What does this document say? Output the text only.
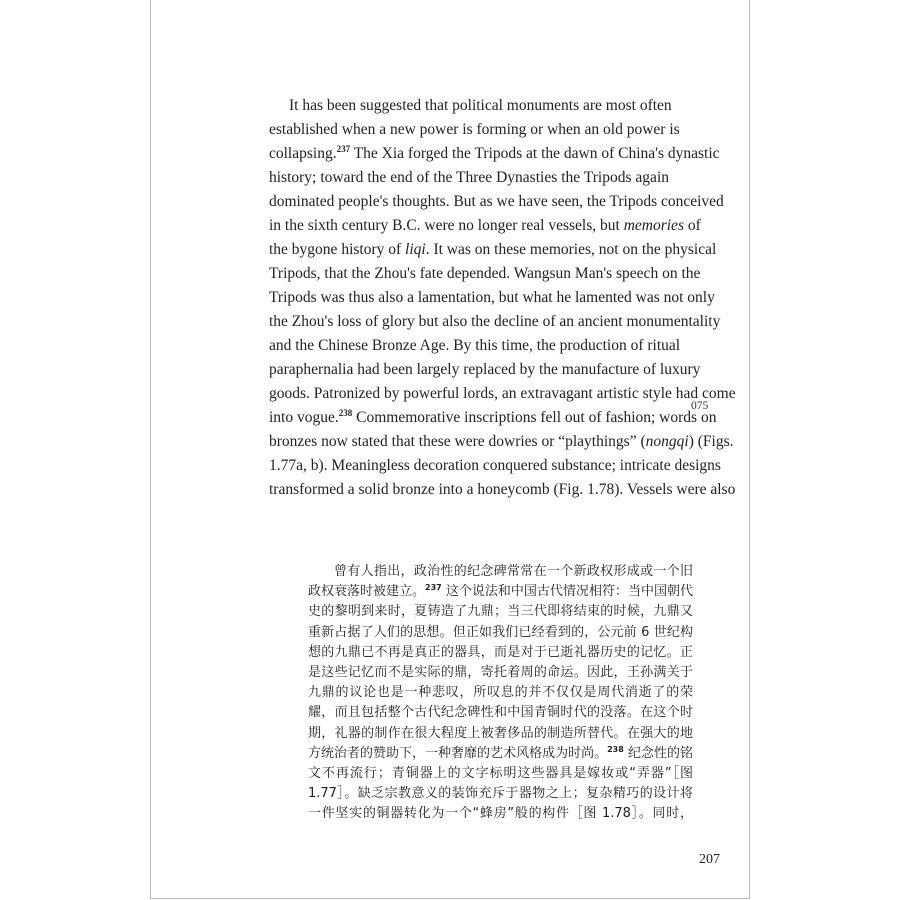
It has been suggested that political monuments are most often
established when a new power is forming or when an old power is
collapsing.$^{237}$ The Xia forged the Tripods at the dawn of China's dynastic
history; toward the end of the Three Dynasties the Tripods again
dominated people's thoughts. But as we have seen, the Tripods conceived
in the sixth century B.C. were no longer real vessels, but memories of
the bygone history of liqi. It was on these memories, not on the physical
Tripods, that the Zhou's fate depended. Wangsun Man's speech on the
Tripods was thus also a lamentation, but what he lamented was not only
the Zhou's loss of glory but also the decline of an ancient monumentality
and the Chinese Bronze Age. By this time, the production of ritual
paraphernalia had been largely replaced by the manufacture of luxury
goods. Patronized by powerful lords, an extravagant artistic style had come
into vogue.$^{238}$ Commemorative inscriptions fell out of fashion; words on
bronzes now stated that these were dowries or “playthings” (nongqi) (Figs.
1.77a, b). Meaningless decoration conquered substance; intricate designs
transformed a solid bronze into a honeycomb (Fig. 1.78). Vessels were also
075
曾有人指出，政治性的纪念碑常常在一个新政权形成或一个旧
政权衰落时被建立。$^{237}$ 这个说法和中国古代情况相符：当中国朝代
史的黎明到来时，夏铸造了九鼎；当三代即将结束的时候，九鼎又
重新占据了人们的思想。但正如我们已经看到的，公元前 6 世纪构
想的九鼎已不再是真正的器具，而是对于已逝礼器历史的记忆。正
是这些记忆而不是实际的鼎，寄托着周的命运。因此，王孙满关于
九鼎的议论也是一种悲叹，所叹息的并不仅仅是周代消逝了的荣
耀，而且包括整个古代纪念碑性和中国青铜时代的没落。在这个时
期，礼器的制作在很大程度上被奢侈品的制造所替代。在强大的地
方统治者的赞助下，一种奢靡的艺术风格成为时尚。$^{238}$ 纪念性的铭
文不再流行；青铜器上的文字标明这些器具是嫁妆或“弄器”［图
1.77］。缺乏宗教意义的装饰充斥于器物之上；复杂精巧的设计将
一件坚实的铜器转化为一个“蜂房”般的构件［图 1.78］。同时，
207
